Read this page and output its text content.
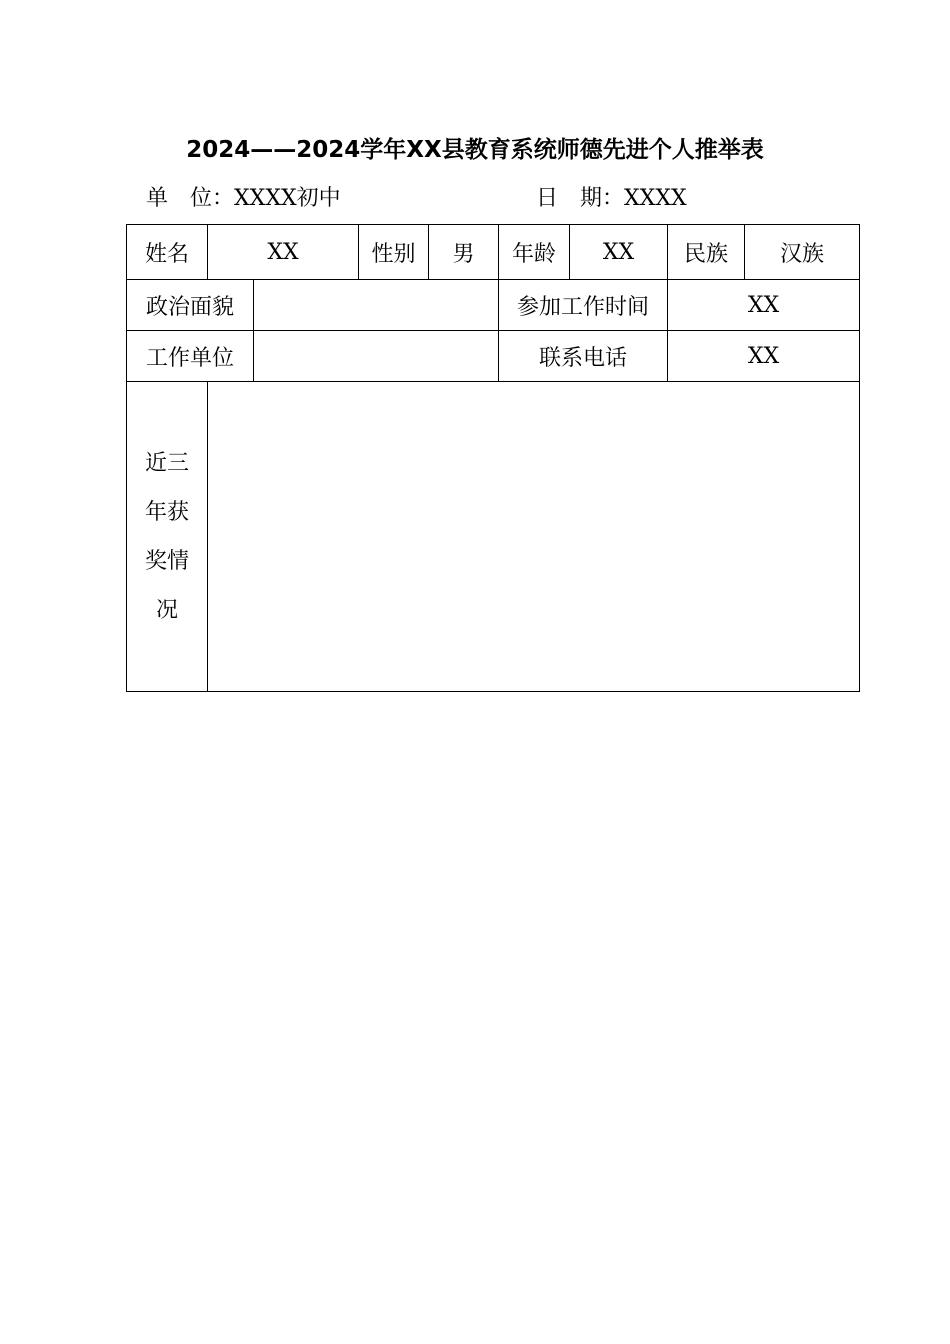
2024——2024学年XX县教育系统师德先进个人推举表
单　位：XXXX初中	日　期：XXXX
姓名	XX		性别	男	年龄	XX	民族	汉族
政治面貌					参加工作时间		XX	
工作单位					联系电话		XX	
近三年获奖情况								
